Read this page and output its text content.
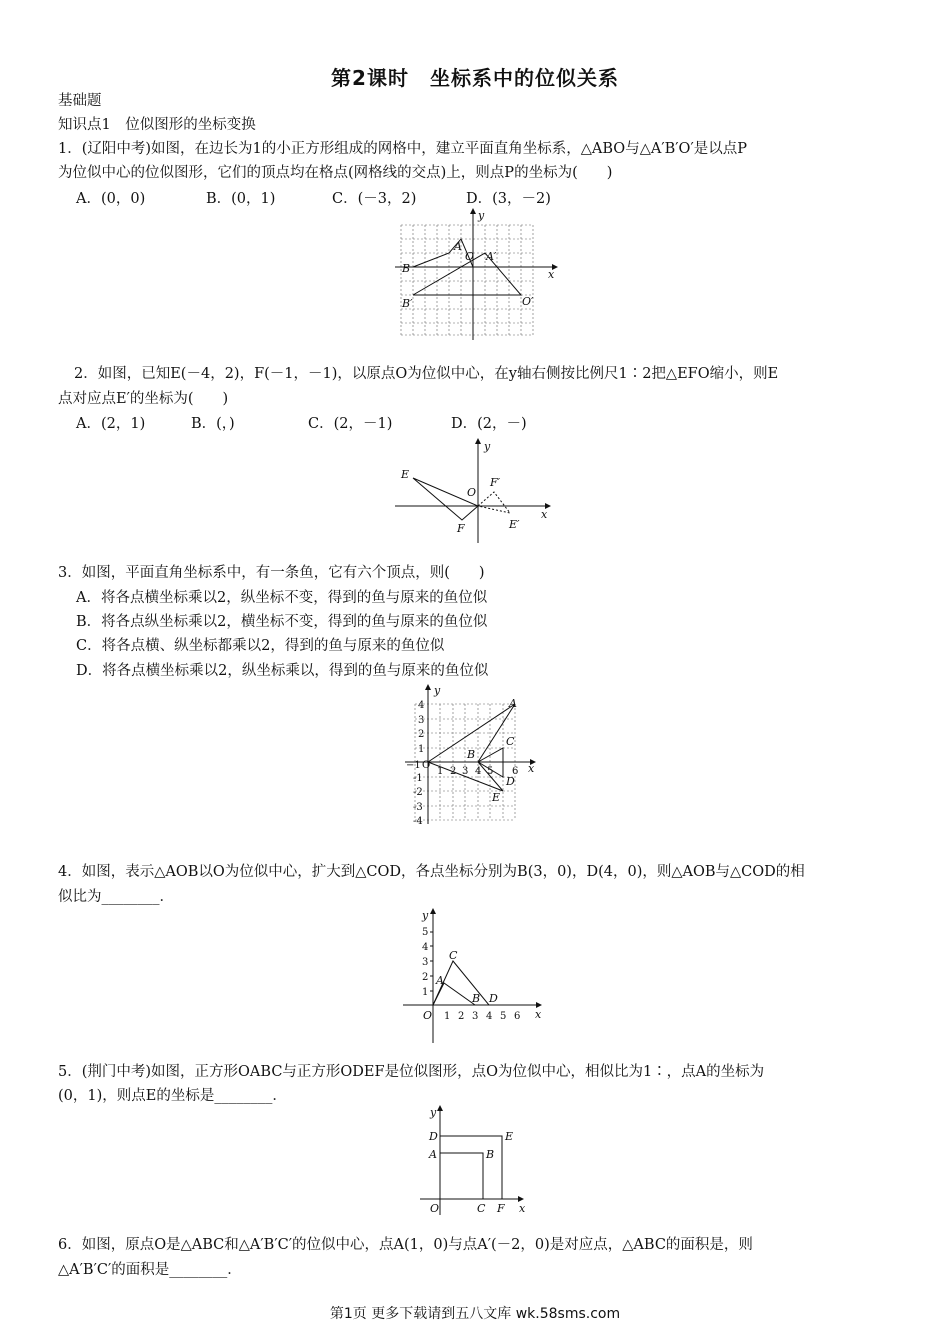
第2课时　坐标系中的位似关系
基础题
知识点1　位似图形的坐标变换
1．(辽阳中考)如图，在边长为1的小正方形组成的网格中，建立平面直角坐标系，△ABO与△A′B′O′是以点P
为位似中心的位似图形，它们的顶点均在格点(网格线的交点)上，则点P的坐标为(　　)
A．(0，0)	B．(0，1)	C．(－3，2)	D．(3，－2)
B
A
O A′
B′	O′
x
y
2．如图，已知E(－4，2)，F(－1，－1)，以原点O为位似中心，在y轴右侧按比例尺1∶2把△EFO缩小，则E
点对应点E′的坐标为(　　)
A．(2，1)	B．(，)	C．(2，－1)	D．(2，－)
E
F
O
F′
E′
x
y
3．如图，平面直角坐标系中，有一条鱼，它有六个顶点，则(　　)
A．将各点横坐标乘以2，纵坐标不变，得到的鱼与原来的鱼位似
B．将各点纵坐标乘以2，横坐标不变，得到的鱼与原来的鱼位似
C．将各点横、纵坐标都乘以2，得到的鱼与原来的鱼位似
D．将各点横坐标乘以2，纵坐标乘以，得到的鱼与原来的鱼位似
4
3
2
1
-1
-2
-3
-4
−1 O
1 2 3 4 5 6
A
B
C
D
E
x
y
4．如图，表示△AOB以O为位似中心，扩大到△COD，各点坐标分别为B(3，0)，D(4，0)，则△AOB与△COD的相
似比为________．
5
4
3
2
1
O 1 2 3 4 5 6
A
C
B D
x
y
5．(荆门中考)如图，正方形OABC与正方形ODEF是位似图形，点O为位似中心，相似比为1∶，点A的坐标为
(0，1)，则点E的坐标是________．
D
A	B
E
O	C F x
y
6．如图，原点O是△ABC和△A′B′C′的位似中心，点A(1，0)与点A′(－2，0)是对应点，△ABC的面积是，则
△A′B′C′的面积是________．
第1页 更多下载请到五八文库 wk.58sms.com
